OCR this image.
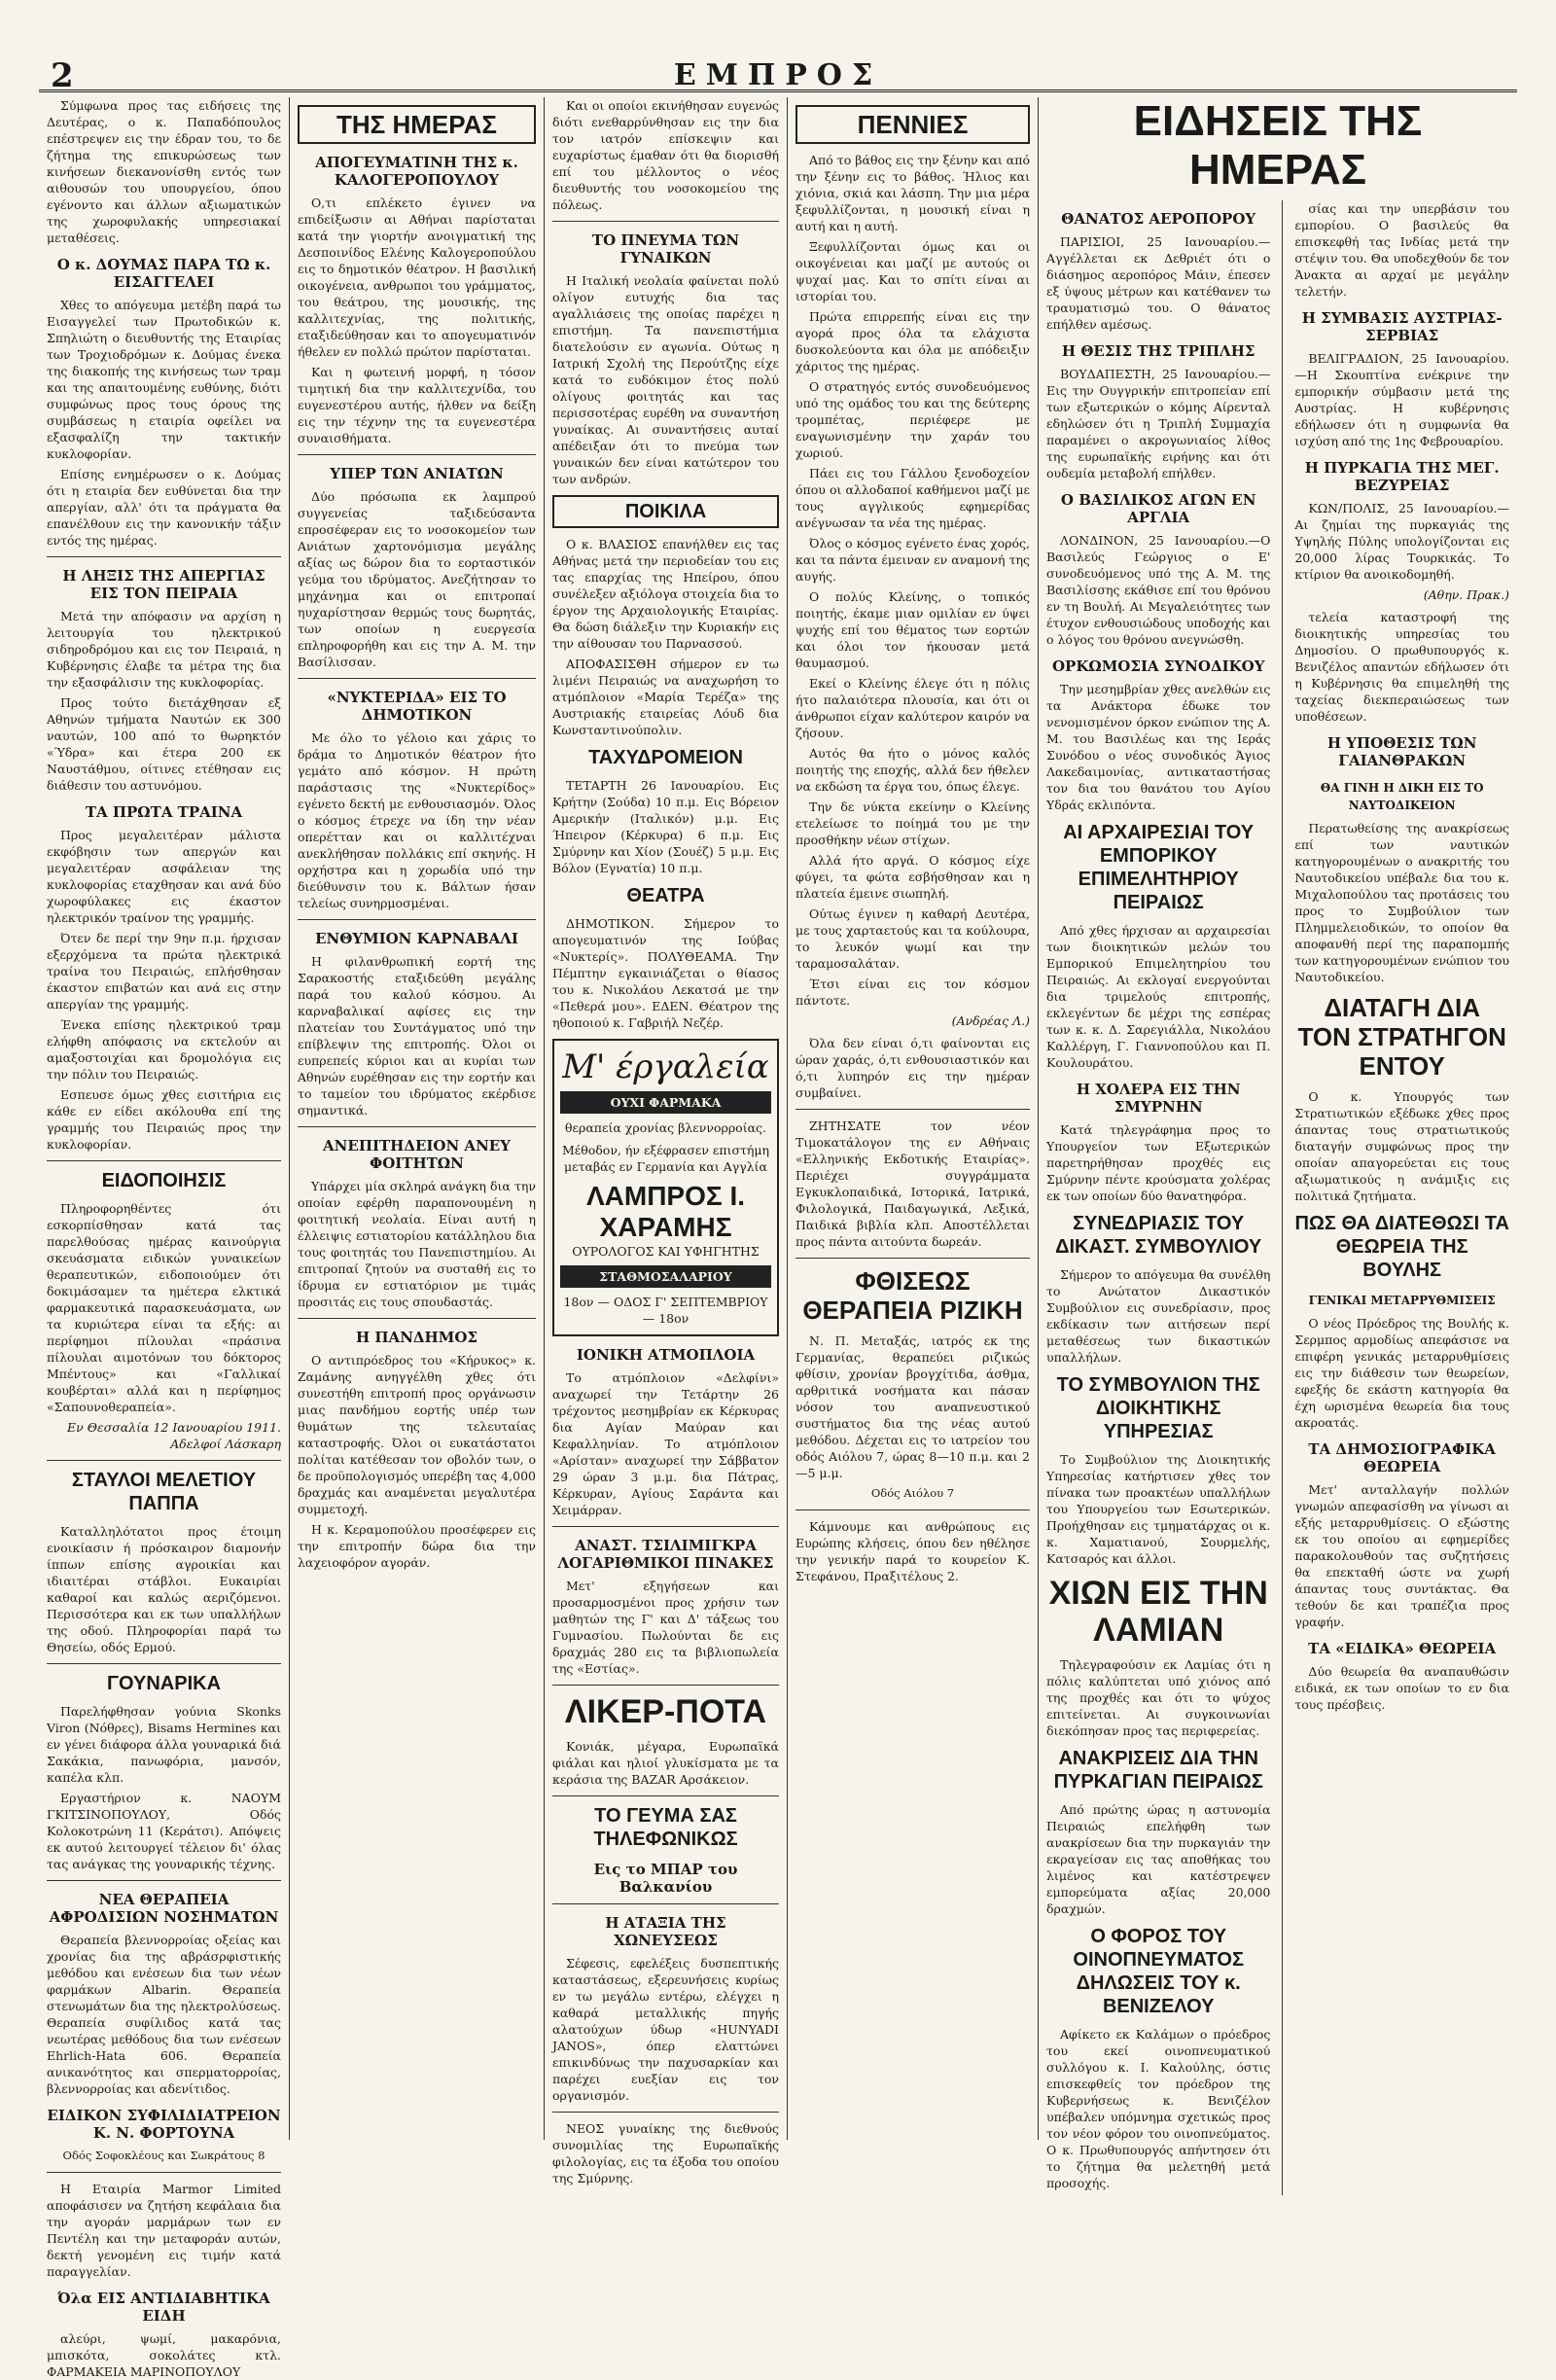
2	ΕΜΠΡΟΣ

Σύμφωνα προς τας ειδήσεις της Δευτέρας, ο κ. Παπαδόπουλος επέστρεψεν εις την έδραν του, το δε ζήτημα της επικυρώσεως των κινήσεων διεκανονίσθη εντός των αιθουσών του υπουργείου, όπου εγένοντο και άλλων αξιωματικών της χωροφυλακής υπηρεσιακαί μεταθέσεις.

Ο κ. ΔΟΥΜΑΣ ΠΑΡΑ ΤΩ κ. ΕΙΣΑΓΓΕΛΕΙ

Χθες το απόγευμα μετέβη παρά τω Εισαγγελεί των Πρωτοδικών κ. Σπηλιώτη ο διευθυντής της Εταιρίας των Τροχιοδρόμων κ. Δούμας ένεκα της διακοπής της κινήσεως των τραμ και της απαιτουμένης ευθύνης, διότι συμφώνως προς τους όρους της συμβάσεως η εταιρία οφείλει να εξασφαλίζη την τακτικήν κυκλοφορίαν.

Επίσης ενημέρωσεν ο κ. Δούμας ότι η εταιρία δεν ευθύνεται δια την απεργίαν, αλλ' ότι τα πράγματα θα επανέλθουν εις την κανονικήν τάξιν εντός της ημέρας.

Η ΛΗΞΙΣ ΤΗΣ ΑΠΕΡΓΙΑΣ ΕΙΣ ΤΟΝ ΠΕΙΡΑΙΑ

Μετά την απόφασιν να αρχίση η λειτουργία του ηλεκτρικού σιδηροδρόμου και εις τον Πειραιά, η Κυβέρνησις έλαβε τα μέτρα της δια την εξασφάλισιν της κυκλοφορίας.

Προς τούτο διετάχθησαν εξ Αθηνών τμήματα Ναυτών εκ 300 ναυτών, 100 από το θωρηκτόν «Ύδρα» και έτερα 200 εκ Ναυστάθμου, οίτινες ετέθησαν εις διάθεσιν του αστυνόμου.

ΤΑ ΠΡΩΤΑ ΤΡΑΙΝΑ

Προς μεγαλειτέραν μάλιστα εκφόβησιν των απεργών και μεγαλειτέραν ασφάλειαν της κυκλοφορίας εταχθησαν και ανά δύο χωροφύλακες εις έκαστον ηλεκτρικόν τραίνον της γραμμής.

Ότεν δε περί την 9ην π.μ. ήρχισαν εξερχόμενα τα πρώτα ηλεκτρικά τραίνα του Πειραιώς, επλήσθησαν έκαστον επιβατών και ανά εις στην απεργίαν της γραμμής.

Ένεκα επίσης ηλεκτρικού τραμ ελήφθη απόφασις να εκτελούν αι αμαξοστοιχίαι και δρομολόγια εις την πόλιν του Πειραιώς.

Εσπευσε όμως χθες εισιτήρια εις κάθε εν είδει ακόλουθα επί της γραμμής του Πειραιώς προς την κυκλοφορίαν.

ΕΙΔΟΠΟΙΗΣΙΣ

Πληροφορηθέντες ότι εσκορπίσθησαν κατά τας παρελθούσας ημέρας καινούργια σκευάσματα ειδικών γυναικείων θεραπευτικών, ειδοποιούμεν ότι δοκιμάσαμεν τα ημέτερα ελκτικά φαρμακευτικά παρασκευάσματα, ων τα κυριώτερα είναι τα εξής: αι περίφημοι πίλουλαι «πράσινα πίλουλαι αιμοτόνων του δόκτορος Μπέντους» και «Γαλλικαί κουβέρται» αλλά και η περίφημος «Σαπουνοθεραπεία».

Εν Θεσσαλία 12 Ιανουαρίου 1911. Αδελφοί Λάσκαρη
ΣΤΑΥΛΟΙ ΜΕΛΕΤΙΟΥ ΠΑΠΠΑ

Καταλληλότατοι προς έτοιμη ενοικίασιν ή πρόσκαιρον διαμονήν ίππων επίσης αγροικίαι και ιδιαιτέραι στάβλοι. Ευκαιρίαι καθαροί και καλώς αεριζόμενοι. Περισσότερα και εκ των υπαλλήλων της οδού. Πληροφορίαι παρά τω Θησείω, οδός Ερμού.

ΓΟΥΝΑΡΙΚΑ

Παρελήφθησαν γούνια Skonks Viron (Νόθρες), Bisams Hermines και εν γένει διάφορα άλλα γουναρικά διά Σακάκια, πανωφόρια, μανσόν, καπέλα κλπ.

Εργαστήριον κ. ΝΑΟΥΜ ΓΚΙΤΣΙΝΟΠΟΥΛΟΥ, Οδός Κολοκοτρώνη 11 (Κεράτσι). Απόψεις εκ αυτού λειτουργεί τέλειον δι' όλας τας ανάγκας της γουναρικής τέχνης.

ΝΕΑ ΘΕΡΑΠΕΙΑ ΑΦΡΟΔΙΣΙΩΝ ΝΟΣΗΜΑΤΩΝ

Θεραπεία βλεννορροίας οξείας και χρονίας δια της αβράσρφιστικής μεθόδου και ενέσεων δια των νέων φαρμάκων Albarin. Θεραπεία στενωμάτων δια της ηλεκτρολύσεως. Θεραπεία συφίλιδος κατά τας νεωτέρας μεθόδους δια των ενέσεων Ehrlich-Hata 606. Θεραπεία ανικανότητος και σπερματορροίας, βλεννορροίας και αδενίτιδος.

ΕΙΔΙΚΟΝ ΣΥΦΙΛΙΔΙΑΤΡΕΙΟΝ Κ. Ν. ΦΟΡΤΟΥΝΑ
Οδός Σοφοκλέους και Σωκράτους 8

Η Εταιρία Marmor Limited αποφάσισεν να ζητήση κεφάλαια δια την αγοράν μαρμάρων των εν Πεντέλη και την μεταφοράν αυτών, δεκτή γενομένη εις τιμήν κατά παραγγελίαν.

Όλα ΕΙΣ ΑΝΤΙΔΙΑΒΗΤΙΚΑ ΕΙΔΗ

αλεύρι, ψωμί, μακαρόνια, μπισκότα, σοκολάτες κτλ. ΦΑΡΜΑΚΕΙΑ ΜΑΡΙΝΟΠΟΥΛΟΥ

ΤΗΣ ΗΜΕΡΑΣ
ΑΠΟΓΕΥΜΑΤΙΝΗ ΤΗΣ κ. ΚΑΛΟΓΕΡΟΠΟΥΛΟΥ

Ο,τι επλέκετο έγινεν να επιδείξωσιν αι Αθήναι παρίσταται κατά την γιορτήν ανοιγματική της Δεσποινίδος Ελένης Καλογεροπούλου εις το δημοτικόν θέατρον. Η βασιλική οικογένεια, ανθρωποι του γράμματος, του θεάτρου, της μουσικής, της καλλιτεχνίας, της πολιτικής, εταξιδεύθησαν και το απογευματινόν ήθελεν εν πολλώ πρώτον παρίσταται.

Και η φωτεινή μορφή, η τόσον τιμητική δια την καλλιτεχνίδα, του ευγενεστέρου αυτής, ήλθεν να δείξη εις την τέχνην της τα ευγενεστέρα συναισθήματα.

ΥΠΕΡ ΤΩΝ ΑΝΙΑΤΩΝ

Δύο πρόσωπα εκ λαμπρού συγγενείας ταξιδεύσαντα επροσέφεραν εις το νοσοκομείον των Ανιάτων χαρτονόμισμα μεγάλης αξίας ως δώρον δια το εορταστικόν γεύμα του ιδρύματος. Ανεζήτησαν το μηχάνημα και οι επιτροπαί ηυχαρίστησαν θερμώς τους δωρητάς, των οποίων η ευεργεσία επληροφορήθη και εις την Α. Μ. την Βασίλισσαν.

«ΝΥΚΤΕΡΙΔΑ» ΕΙΣ ΤΟ ΔΗΜΟΤΙΚΟΝ

Με όλο το γέλοιο και χάρις το δράμα το Δημοτικόν θέατρον ήτο γεμάτο από κόσμον. Η πρώτη παράστασις της «Νυκτερίδος» εγένετο δεκτή με ενθουσιασμόν. Όλος ο κόσμος έτρεχε να ίδη την νέαν οπερέτταν και οι καλλιτέχναι ανεκλήθησαν πολλάκις επί σκηνής. Η ορχήστρα και η χορωδία υπό την διεύθυνσιν του κ. Βάλτων ήσαν τελείως συνηρμοσμέναι.

ΕΝΘΥΜΙΟΝ ΚΑΡΝΑΒΑΛΙ

Η φιλανθρωπική εορτή της Σαρακοστής εταξιδεύθη μεγάλης παρά του καλού κόσμου. Αι καρναβαλικαί αφίσες εις την πλατείαν του Συντάγματος υπό την επίβλεψιν της επιτροπής. Όλοι οι ευπρεπείς κύριοι και αι κυρίαι των Αθηνών ευρέθησαν εις την εορτήν και το ταμείον του ιδρύματος εκέρδισε σημαντικά.

ΑΝΕΠΙΤΗΔΕΙΟΝ ΑΝΕΥ ΦΟΙΤΗΤΩΝ

Υπάρχει μία σκληρά ανάγκη δια την οποίαν εφέρθη παραπονουμένη η φοιτητική νεολαία. Είναι αυτή η έλλειψις εστιατορίου κατάλληλου δια τους φοιτητάς του Πανεπιστημίου. Αι επιτροπαί ζητούν να συσταθή εις το ίδρυμα εν εστιατόριον με τιμάς προσιτάς εις τους σπουδαστάς.

Η ΠΑΝΔΗΜΟΣ

Ο αντιπρόεδρος του «Κήρυκος» κ. Ζαμάνης ανηγγέλθη χθες ότι συνεστήθη επιτροπή προς οργάνωσιν μιας πανδήμου εορτής υπέρ των θυμάτων της τελευταίας καταστροφής. Όλοι οι ευκατάστατοι πολίται κατέθεσαν τον οβολόν των, ο δε προϋπολογισμός υπερέβη τας 4,000 δραχμάς και αναμένεται μεγαλυτέρα συμμετοχή.

Η κ. Κεραμοπούλου προσέφερεν εις την επιτροπήν δώρα δια την λαχειοφόρον αγοράν.

Και οι οποίοι εκινήθησαν ευγενώς διότι ενεθαρρύνθησαν εις την δια τον ιατρόν επίσκεψιν και ευχαρίστως έμαθαν ότι θα διορισθή επί του μέλλοντος ο νέος διευθυντής του νοσοκομείου της πόλεως.

ΤΟ ΠΝΕΥΜΑ ΤΩΝ ΓΥΝΑΙΚΩΝ

Η Ιταλική νεολαία φαίνεται πολύ ολίγον ευτυχής δια τας αγαλλιάσεις της οποίας παρέχει η επιστήμη. Τα πανεπιστήμια διατελούσιν εν αγωνία. Ούτως η Ιατρική Σχολή της Περούτζης είχε κατά το ευδόκιμον έτος πολύ ολίγους φοιτητάς και τας περισσοτέρας ευρέθη να συναντήση γυναίκας. Αι συναντήσεις αυταί απέδειξαν ότι το πνεύμα των γυναικών δεν είναι κατώτερον του των ανδρών.

ΠΟΙΚΙΛΑ

Ο κ. ΒΛΑΣΙΟΣ επανήλθεν εις τας Αθήνας μετά την περιοδείαν του εις τας επαρχίας της Ηπείρου, όπου συνέλεξεν αξιόλογα στοιχεία δια το έργον της Αρχαιολογικής Εταιρίας. Θα δώση διάλεξιν την Κυριακήν εις την αίθουσαν του Παρνασσού.

ΑΠΟΦΑΣΙΣΘΗ σήμερον εν τω λιμένι Πειραιώς να αναχωρήση το ατμόπλοιον «Μαρία Τερέζα» της Αυστριακής εταιρείας Λόυδ δια Κωνσταντινούπολιν.

ΤΑΧΥΔΡΟΜΕΙΟΝ

ΤΕΤΑΡΤΗ 26 Ιανουαρίου. Εις Κρήτην (Σούδα) 10 π.μ. Εις Βόρειον Αμερικήν (Ιταλικόν) μ.μ. Εις Ήπειρον (Κέρκυρα) 6 π.μ. Εις Σμύρνην και Χίον (Σουέζ) 5 μ.μ. Εις Βόλον (Εγνατία) 10 π.μ.

ΘΕΑΤΡΑ

ΔΗΜΟΤΙΚΟΝ. Σήμερον το απογευματινόν της Ιούβας «Νυκτερίς». ΠΟΛΥΘΕΑΜΑ. Την Πέμπτην εγκαινιάζεται ο θίασος του κ. Νικολάου Λεκατσά με την «Πεθερά μου». ΕΔΕΝ. Θέατρον της ηθοποιού κ. Γαβριήλ Νεζέρ.

Μ' έργαλεία
ΟΥΧΙ ΦΑΡΜΑΚΑ
θεραπεία χρονίας βλεννορροίας.
Μέθοδον, ήν εξέφρασεν επιστήμη μεταβάς εν Γερμανία και Αγγλία
ΛΑΜΠΡΟΣ Ι. ΧΑΡΑΜΗΣ
ΟΥΡΟΛΟΓΟΣ ΚΑΙ ΥΦΗΓΗΤΗΣ
ΣΤΑΘΜΟΣΑΛΑΡΙΟΥ
18ον — ΟΔΟΣ Γ' ΣΕΠΤΕΜΒΡΙΟΥ — 18ον
ΙΟΝΙΚΗ ΑΤΜΟΠΛΟΙΑ

Το ατμόπλοιον «Δελφίνι» αναχωρεί την Τετάρτην 26 τρέχοντος μεσημβρίαν εκ Κέρκυρας δια Αγίαν Μαύραν και Κεφαλληνίαν. Το ατμόπλοιον «Αρίσταν» αναχωρεί την Σάββατον 29 ώραν 3 μ.μ. δια Πάτρας, Κέρκυραν, Αγίους Σαράντα και Χειμάρραν.

ΑΝΑΣΤ. ΤΣΙΛΙΜΙΓΚΡΑ ΛΟΓΑΡΙΘΜΙΚΟΙ ΠΙΝΑΚΕΣ

Μετ' εξηγήσεων και προσαρμοσμένοι προς χρήσιν των μαθητών της Γ' και Δ' τάξεως του Γυμνασίου. Πωλούνται δε εις δραχμάς 280 εις τα βιβλιοπωλεία της «Εστίας».

ΛΙΚΕΡ-ΠΟΤΑ

Κονιάκ, μέγαρα, Ευρωπαϊκά φιάλαι και ηλιοί γλυκίσματα με τα κεράσια της BAZAR Αρσάκειον.

ΤΟ ΓΕΥΜΑ ΣΑΣ ΤΗΛΕΦΩΝΙΚΩΣ
Εις το ΜΠΑΡ του Βαλκανίου
Η ΑΤΑΞΙΑ ΤΗΣ ΧΩΝΕΥΣΕΩΣ

Σέφεσις, εφελέξεις δυσπεπτικής καταστάσεως, εξερευνήσεις κυρίως εν τω μεγάλω εντέρω, ελέγχει η καθαρά μεταλλικής πηγής αλατούχων ύδωρ «HUNYADI JANOS», όπερ ελαττώνει επικινδύνως την παχυσαρκίαν και παρέχει ευεξίαν εις τον οργανισμόν.

ΝΕΟΣ γυναίκης της διεθνούς συνομιλίας της Ευρωπαϊκής φιλολογίας, εις τα έξοδα του οποίου της Σμύρνης.

ΠΕΝΝΙΕΣ

Από το βάθος εις την ξένην και από την ξένην εις το βάθος. Ήλιος και χιόνια, σκιά και λάσπη. Την μια μέρα ξεφυλλίζονται, η μουσική είναι η αυτή και η αυτή.

Ξεφυλλίζονται όμως και οι οικογένειαι και μαζί με αυτούς οι ψυχαί μας. Και το σπίτι είναι αι ιστορίαι του.

Πρώτα επιρρεπής είναι εις την αγορά προς όλα τα ελάχιστα δυσκολεύοντα και όλα με απόδειξιν χάριτος της ημέρας.

Ο στρατηγός εντός συνοδευόμενος υπό της ομάδος του και της δεύτερης τρομπέτας, περιέφερε με εναγωνισμένην την χαράν του χωριού.

Πάει εις του Γάλλου ξενοδοχείον όπου οι αλλοδαποί καθήμενοι μαζί με τους αγγλικούς εφημερίδας ανέγνωσαν τα νέα της ημέρας.

Όλος ο κόσμος εγένετο ένας χορός, και τα πάντα έμειναν εν αναμονή της αυγής.

Ο πολύς Κλείνης, ο τοπικός ποιητής, έκαμε μιαν ομιλίαν εν ύψει ψυχής επί του θέματος των εορτών και όλοι τον ήκουσαν μετά θαυμασμού.

Εκεί ο Κλείνης έλεγε ότι η πόλις ήτο παλαιότερα πλουσία, και ότι οι άνθρωποι είχαν καλύτερον καιρόν να ζήσουν.

Αυτός θα ήτο ο μόνος καλός ποιητής της εποχής, αλλά δεν ήθελεν να εκδώση τα έργα του, όπως έλεγε.

Την δε νύκτα εκείνην ο Κλείνης ετελείωσε το ποίημά του με την προσθήκην νέων στίχων.

Αλλά ήτο αργά. Ο κόσμος είχε φύγει, τα φώτα εσβήσθησαν και η πλατεία έμεινε σιωπηλή.

Ούτως έγινεν η καθαρή Δευτέρα, με τους χαρταετούς και τα κούλουρα, το λευκόν ψωμί και την ταραμοσαλάταν.

Έτσι είναι εις τον κόσμον πάντοτε.

(Ανδρέας Λ.)

Όλα δεν είναι ό,τι φαίνονται εις ώραν χαράς, ό,τι ενθουσιαστικόν και ό,τι λυπηρόν εις την ημέραν συμβαίνει.

ΖΗΤΗΣΑΤΕ τον νέον Τιμοκατάλογον της εν Αθήναις «Ελληνικής Εκδοτικής Εταιρίας». Περιέχει συγγράμματα Εγκυκλοπαιδικά, Ιστορικά, Ιατρικά, Φιλολογικά, Παιδαγωγικά, Λεξικά, Παιδικά βιβλία κλπ. Αποστέλλεται προς πάντα αιτούντα δωρεάν.

ΦΘΙΣΕΩΣ ΘΕΡΑΠΕΙΑ ΡΙΖΙΚΗ

Ν. Π. Μεταξάς, ιατρός εκ της Γερμανίας, θεραπεύει ριζικώς φθίσιν, χρονίαν βρογχίτιδα, άσθμα, αρθριτικά νοσήματα και πάσαν νόσον του αναπνευστικού συστήματος δια της νέας αυτού μεθόδου. Δέχεται εις το ιατρείον του οδός Αιόλου 7, ώρας 8—10 π.μ. και 2—5 μ.μ.

Οδός Αιόλου 7

Κάμνουμε και ανθρώπους εις Ευρώπης κλήσεις, όπου δεν ηθέλησε την γενικήν παρά το κουρείον Κ. Στεφάνου, Πραξιτέλους 2.

ΕΙΔΗΣΕΙΣ ΤΗΣ ΗΜΕΡΑΣ
ΘΑΝΑΤΟΣ ΑΕΡΟΠΟΡΟΥ

ΠΑΡΙΣΙΟΙ, 25 Ιανουαρίου.—Αγγέλλεται εκ Δεθριέτ ότι ο διάσημος αεροπόρος Μάιν, έπεσεν εξ ύψους μέτρων και κατέθανεν τω τραυματισμώ του. Ο θάνατος επήλθεν αμέσως.

Η ΘΕΣΙΣ ΤΗΣ ΤΡΙΠΛΗΣ

ΒΟΥΔΑΠΕΣΤΗ, 25 Ιανουαρίου.—Εις την Ουγγρικήν επιτροπείαν επί των εξωτερικών ο κόμης Αίρενταλ εδηλώσεν ότι η Τριπλή Συμμαχία παραμένει ο ακρογωνιαίος λίθος της ευρωπαϊκής ειρήνης και ότι ουδεμία μεταβολή επήλθεν.

Ο ΒΑΣΙΛΙΚΟΣ ΑΓΩΝ ΕΝ ΑΡΓΛΙΑ

ΛΟΝΔΙΝΟΝ, 25 Ιανουαρίου.—Ο Βασιλεύς Γεώργιος ο Ε' συνοδευόμενος υπό της Α. Μ. της Βασιλίσσης εκάθισε επί του θρόνου εν τη Βουλή. Αι Μεγαλειότητες των έτυχον ενθουσιώδους υποδοχής και ο λόγος του θρόνου ανεγνώσθη.

ΟΡΚΩΜΟΣΙΑ ΣΥΝΟΔΙΚΟΥ

Την μεσημβρίαν χθες ανελθών εις τα Ανάκτορα έδωκε τον νενομισμένον όρκον ενώπιον της Α. Μ. του Βασιλέως και της Ιεράς Συνόδου ο νέος συνοδικός Άγιος Λακεδαιμονίας, αντικαταστήσας τον δια του θανάτου του Αγίου Υδράς εκλιπόντα.

ΑΙ ΑΡΧΑΙΡΕΣΙΑΙ ΤΟΥ ΕΜΠΟΡΙΚΟΥ ΕΠΙΜΕΛΗΤΗΡΙΟΥ ΠΕΙΡΑΙΩΣ

Από χθες ήρχισαν αι αρχαιρεσίαι των διοικητικών μελών του Εμπορικού Επιμελητηρίου του Πειραιώς. Αι εκλογαί ενεργούνται δια τριμελούς επιτροπής, εκλεγέντων δε μέχρι της εσπέρας των κ. κ. Δ. Σαρεγιάλλα, Νικολάου Καλλέργη, Γ. Γιαννοπούλου και Π. Κουλουράτου.

Η ΧΟΛΕΡΑ ΕΙΣ ΤΗΝ ΣΜΥΡΝΗΝ

Κατά τηλεγράφημα προς το Υπουργείον των Εξωτερικών παρετηρήθησαν προχθές εις Σμύρνην πέντε κρούσματα χολέρας εκ των οποίων δύο θανατηφόρα.

ΣΥΝΕΔΡΙΑΣΙΣ ΤΟΥ ΔΙΚΑΣΤ. ΣΥΜΒΟΥΛΙΟΥ

Σήμερον το απόγευμα θα συνέλθη το Ανώτατον Δικαστικόν Συμβούλιον εις συνεδρίασιν, προς εκδίκασιν των αιτήσεων περί μεταθέσεως των δικαστικών υπαλλήλων.

ΤΟ ΣΥΜΒΟΥΛΙΟΝ ΤΗΣ ΔΙΟΙΚΗΤΙΚΗΣ ΥΠΗΡΕΣΙΑΣ

Το Συμβούλιον της Διοικητικής Υπηρεσίας κατήρτισεν χθες τον πίνακα των προακτέων υπαλλήλων του Υπουργείου των Εσωτερικών. Προήχθησαν εις τμηματάρχας οι κ. κ. Χαματιανού, Σουρμελής, Κατσαρός και άλλοι.

ΧΙΩΝ ΕΙΣ ΤΗΝ ΛΑΜΙΑΝ

Τηλεγραφούσιν εκ Λαμίας ότι η πόλις καλύπτεται υπό χιόνος από της προχθές και ότι το ψύχος επιτείνεται. Αι συγκοινωνίαι διεκόπησαν προς τας περιφερείας.

ΑΝΑΚΡΙΣΕΙΣ ΔΙΑ ΤΗΝ ΠΥΡΚΑΓΙΑΝ ΠΕΙΡΑΙΩΣ

Από πρώτης ώρας η αστυνομία Πειραιώς επελήφθη των ανακρίσεων δια την πυρκαγιάν την εκραγείσαν εις τας αποθήκας του λιμένος και κατέστρεψεν εμπορεύματα αξίας 20,000 δραχμών.

Ο ΦΟΡΟΣ ΤΟΥ ΟΙΝΟΠΝΕΥΜΑΤΟΣ ΔΗΛΩΣΕΙΣ ΤΟΥ κ. ΒΕΝΙΖΕΛΟΥ

Αφίκετο εκ Καλάμων ο πρόεδρος του εκεί οινοπνευματικού συλλόγου κ. Ι. Καλούλης, όστις επισκεφθείς τον πρόεδρον της Κυβερνήσεως κ. Βενιζέλον υπέβαλεν υπόμνημα σχετικώς προς τον νέον φόρον του οινοπνεύματος. Ο κ. Πρωθυπουργός απήντησεν ότι το ζήτημα θα μελετηθή μετά προσοχής.

σίας και την υπερβάσιν του εμπορίου. Ο βασιλεύς θα επισκεφθή τας Ινδίας μετά την στέψιν του. Θα υποδεχθούν δε τον Άνακτα αι αρχαί με μεγάλην τελετήν.

Η ΣΥΜΒΑΣΙΣ ΑΥΣΤΡΙΑΣ-ΣΕΡΒΙΑΣ

ΒΕΛΙΓΡΑΔΙΟΝ, 25 Ιανουαρίου.—Η Σκουπτίνα ενέκρινε την εμπορικήν σύμβασιν μετά της Αυστρίας. Η κυβέρνησις εδήλωσεν ότι η συμφωνία θα ισχύση από της 1ης Φεβρουαρίου.

Η ΠΥΡΚΑΓΙΑ ΤΗΣ ΜΕΓ. ΒΕΖΥΡΕΙΑΣ

ΚΩΝ/ΠΟΛΙΣ, 25 Ιανουαρίου.—Αι ζημίαι της πυρκαγιάς της Υψηλής Πύλης υπολογίζονται εις 20,000 λίρας Τουρκικάς. Το κτίριον θα ανοικοδομηθή.

(Αθην. Πρακ.)

τελεία καταστροφή της διοικητικής υπηρεσίας του Δημοσίου. Ο πρωθυπουργός κ. Βενιζέλος απαντών εδήλωσεν ότι η Κυβέρνησις θα επιμεληθή της ταχείας διεκπεραιώσεως των υποθέσεων.

Η ΥΠΟΘΕΣΙΣ ΤΩΝ ΓΑΙΑΝΘΡΑΚΩΝ
ΘΑ ΓΙΝΗ Η ΔΙΚΗ ΕΙΣ ΤΟ ΝΑΥΤΟΔΙΚΕΙΟΝ

Περατωθείσης της ανακρίσεως επί των ναυτικών κατηγορουμένων ο ανακριτής του Ναυτοδικείου υπέβαλε δια του κ. Μιχαλοπούλου τας προτάσεις του προς το Συμβούλιον των Πλημμελειοδικών, το οποίον θα αποφανθή περί της παραπομπής των κατηγορουμένων ενώπιον του Ναυτοδικείου.

ΔΙΑΤΑΓΗ ΔΙΑ ΤΟΝ ΣΤΡΑΤΗΓΟΝ ΕΝΤΟΥ

Ο κ. Υπουργός των Στρατιωτικών εξέδωκε χθες προς άπαντας τους στρατιωτικούς διαταγήν συμφώνως προς την οποίαν απαγορεύεται εις τους αξιωματικούς η ανάμιξις εις πολιτικά ζητήματα.

ΠΩΣ ΘΑ ΔΙΑΤΕΘΩΣΙ ΤΑ ΘΕΩΡΕΙΑ ΤΗΣ ΒΟΥΛΗΣ
ΓΕΝΙΚΑΙ ΜΕΤΑΡΡΥΘΜΙΣΕΙΣ

Ο νέος Πρόεδρος της Βουλής κ. Σερμπος αρμοδίως απεφάσισε να επιφέρη γενικάς μεταρρυθμίσεις εις την διάθεσιν των θεωρείων, εφεξής δε εκάστη κατηγορία θα έχη ωρισμένα θεωρεία δια τους ακροατάς.

ΤΑ ΔΗΜΟΣΙΟΓΡΑΦΙΚΑ ΘΕΩΡΕΙΑ

Μετ' ανταλλαγήν πολλών γνωμών απεφασίσθη να γίνωσι αι εξής μεταρρυθμίσεις. Ο εξώστης εκ του οποίου αι εφημερίδες παρακολουθούν τας συζητήσεις θα επεκταθή ώστε να χωρή άπαντας τους συντάκτας. Θα τεθούν δε και τραπέζια προς γραφήν.

ΤΑ «ΕΙΔΙΚΑ» ΘΕΩΡΕΙΑ

Δύο θεωρεία θα αναπαυθώσιν ειδικά, εκ των οποίων το εν δια τους πρέσβεις.
